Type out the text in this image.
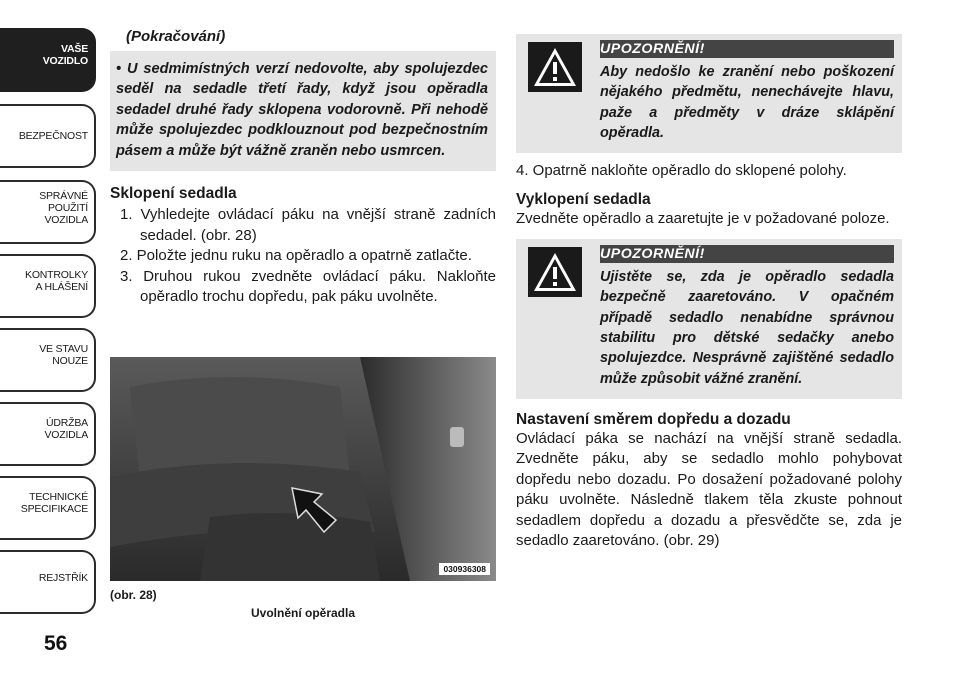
VAŠE
VOZIDLO
BEZPEČNOST
SPRÁVNÉ
POUŽITÍ
VOZIDLA
KONTROLKY
A HLÁŠENÍ
VE STAVU
NOUZE
ÚDRŽBA
VOZIDLA
TECHNICKÉ
SPECIFIKACE
REJSTŘÍK
56
(Pokračování)
• U sedmimístných verzí nedovolte, aby spolujezdec seděl na sedadle třetí řady, když jsou opěradla sedadel druhé řady sklopena vodorovně. Při nehodě může spolujezdec podklouznout pod bezpečnostním pásem a může být vážně zraněn nebo usmrcen.
Sklopení sedadla
1. Vyhledejte ovládací páku na vnější straně zadních sedadel. (obr. 28)
2. Položte jednu ruku na opěradlo a opatrně zatlačte.
3. Druhou rukou zvedněte ovládací páku. Nakloňte opěradlo trochu dopředu, pak páku uvolněte.
030936308
(obr. 28)
Uvolnění opěradla
UPOZORNĚNÍ!
Aby nedošlo ke zranění nebo poškození nějakého předmětu, nenechávejte hlavu, paže a předměty v dráze sklápění opěradla.

4. Opatrně nakloňte opěradlo do sklopené polohy.

Vyklopení sedadla

Zvedněte opěradlo a zaaretujte je v požadované poloze.

UPOZORNĚNÍ!
Ujistěte se, zda je opěradlo sedadla bezpečně zaaretováno. V opačném případě sedadlo nenabídne správnou stabilitu pro dětské sedačky anebo spolujezdce. Nesprávně zajištěné sedadlo může způsobit vážné zranění.
Nastavení směrem dopředu a dozadu

Ovládací páka se nachází na vnější straně sedadla. Zvedněte páku, aby se sedadlo mohlo pohybovat dopředu nebo dozadu. Po dosažení požadované polohy páku uvolněte. Následně tlakem těla zkuste pohnout sedadlem dopředu a dozadu a přesvědčte se, zda je sedadlo zaaretováno. (obr. 29)
